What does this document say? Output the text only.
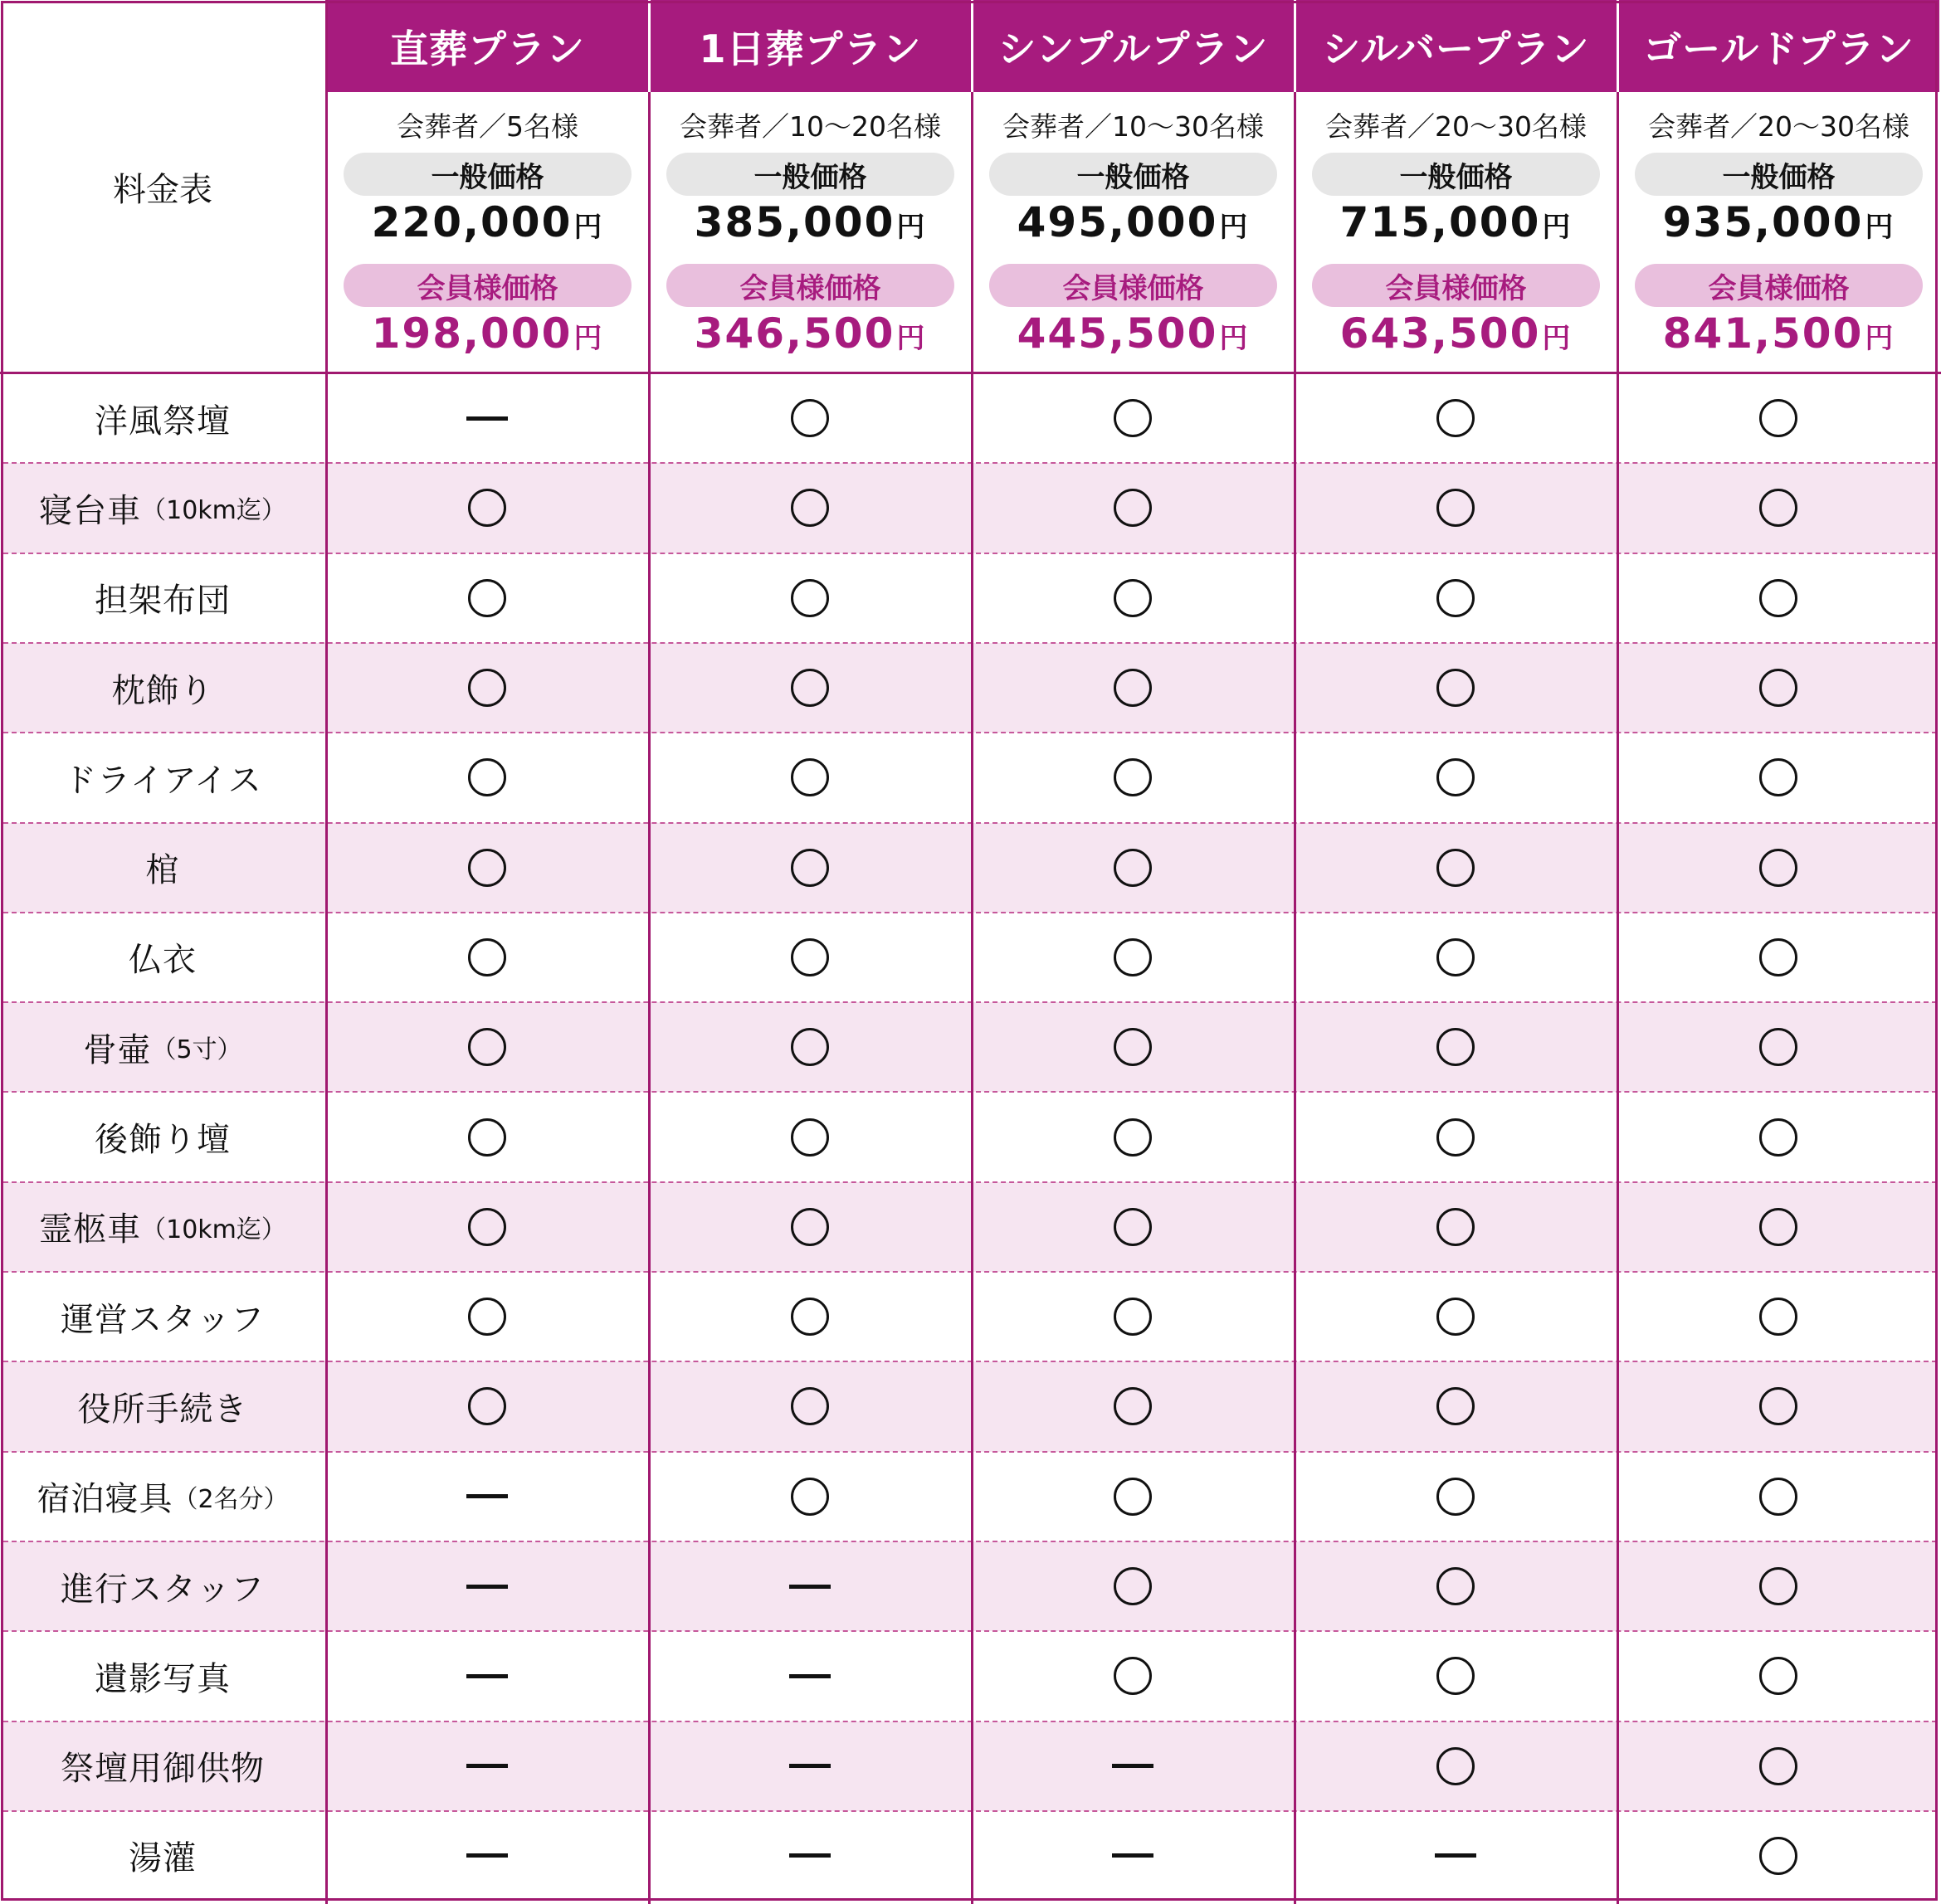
料金表
直葬プラン
会葬者／5名様
一般価格
220,000円
会員様価格
198,000円
1日葬プラン
会葬者／10～20名様
一般価格
385,000円
会員様価格
346,500円
シンプルプラン
会葬者／10～30名様
一般価格
495,000円
会員様価格
445,500円
シルバープラン
会葬者／20～30名様
一般価格
715,000円
会員様価格
643,500円
ゴールドプラン
会葬者／20～30名様
一般価格
935,000円
会員様価格
841,500円
洋風祭壇
寝台車 （10km迄）
担架布団
枕飾り
ドライアイス
棺
仏衣
骨壷 （5寸）
後飾り壇
霊柩車 （10km迄）
運営スタッフ
役所手続き
宿泊寝具 （2名分）
進行スタッフ
遺影写真
祭壇用御供物
湯灌
